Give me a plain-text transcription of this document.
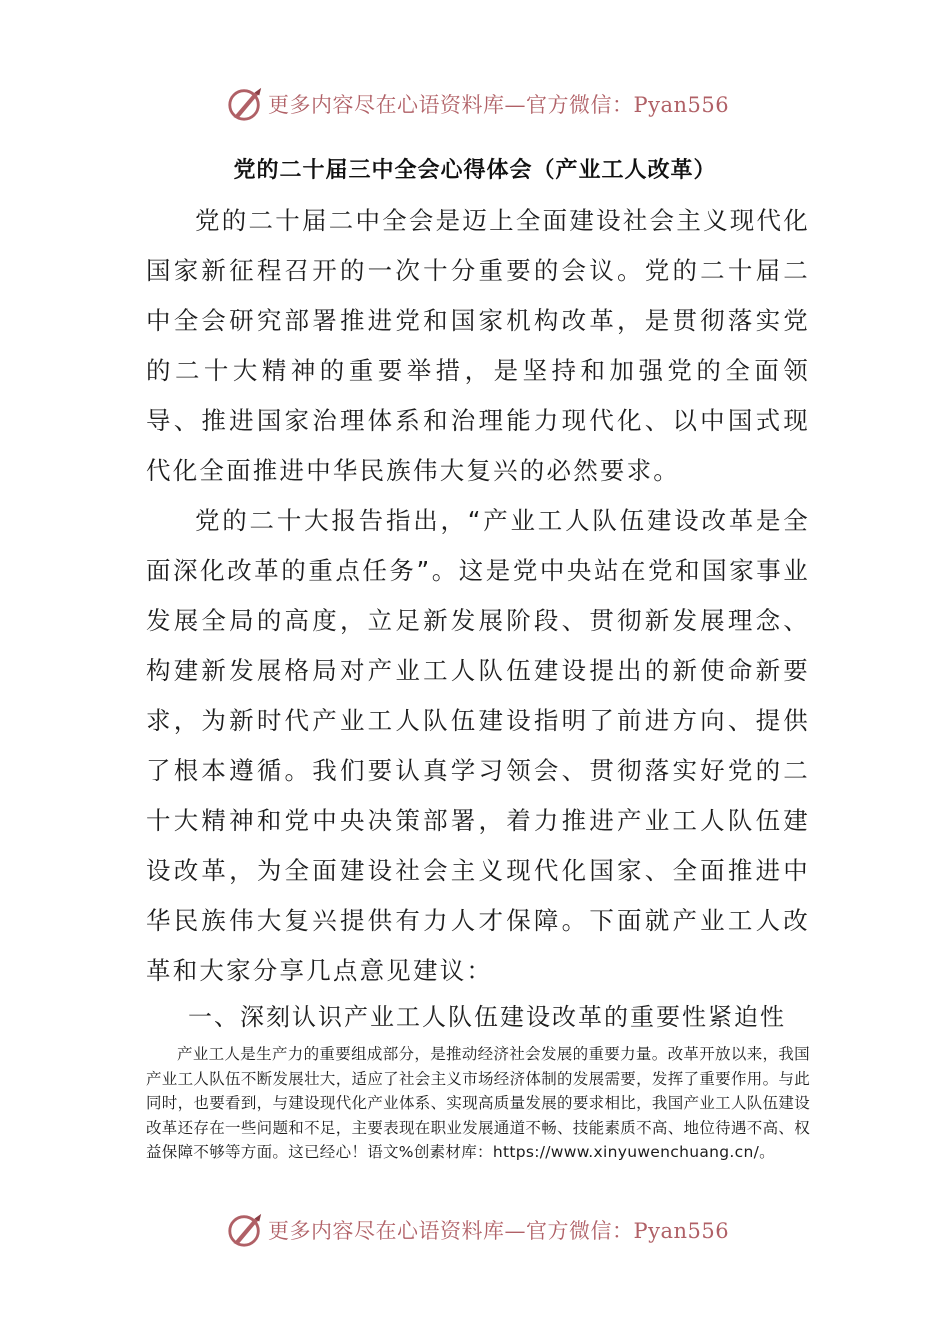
更多内容尽在心语资料库—官方微信：Pyan556
党的二十届三中全会心得体会（产业工人改革）
党的二十届二中全会是迈上全面建设社会主义现代化国家新征程召开的一次十分重要的会议。党的二十届二中全会研究部署推进党和国家机构改革，是贯彻落实党的二十大精神的重要举措，是坚持和加强党的全面领导、推进国家治理体系和治理能力现代化、以中国式现代化全面推进中华民族伟大复兴的必然要求。
党的二十大报告指出，“产业工人队伍建设改革是全面深化改革的重点任务”。这是党中央站在党和国家事业发展全局的高度，立足新发展阶段、贯彻新发展理念、构建新发展格局对产业工人队伍建设提出的新使命新要求，为新时代产业工人队伍建设指明了前进方向、提供了根本遵循。我们要认真学习领会、贯彻落实好党的二十大精神和党中央决策部署，着力推进产业工人队伍建设改革，为全面建设社会主义现代化国家、全面推进中华民族伟大复兴提供有力人才保障。下面就产业工人改革和大家分享几点意见建议：
一、深刻认识产业工人队伍建设改革的重要性紧迫性
产业工人是生产力的重要组成部分，是推动经济社会发展的重要力量。改革开放以来，我国产业工人队伍不断发展壮大，适应了社会主义市场经济体制的发展需要，发挥了重要作用。与此同时，也要看到，与建设现代化产业体系、实现高质量发展的要求相比，我国产业工人队伍建设改革还存在一些问题和不足，主要表现在职业发展通道不畅、技能素质不高、地位待遇不高、权益保障不够等方面。这已经心！语文%创素材库：https://www.xinyuwenchuang.cn/。
更多内容尽在心语资料库—官方微信：Pyan556
